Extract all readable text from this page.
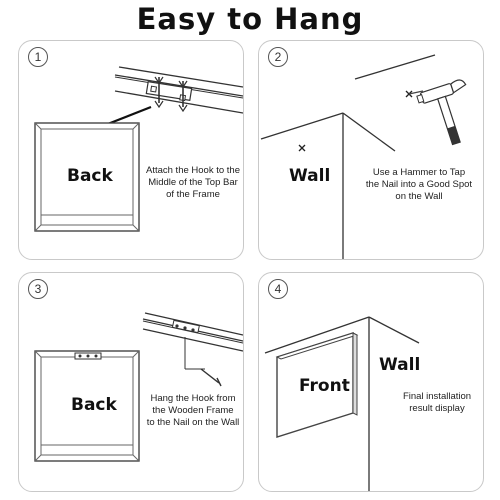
Easy to Hang
1
Back	Attach the Hook to the
Middle of the Top Bar
of the Frame
2
Wall	Use a Hammer to Tap
the Nail into a Good Spot
on the Wall
3
Back	Hang the Hook from
the Wooden Frame
to the Nail on the Wall
4
Front
Wall
Final installation
result display
